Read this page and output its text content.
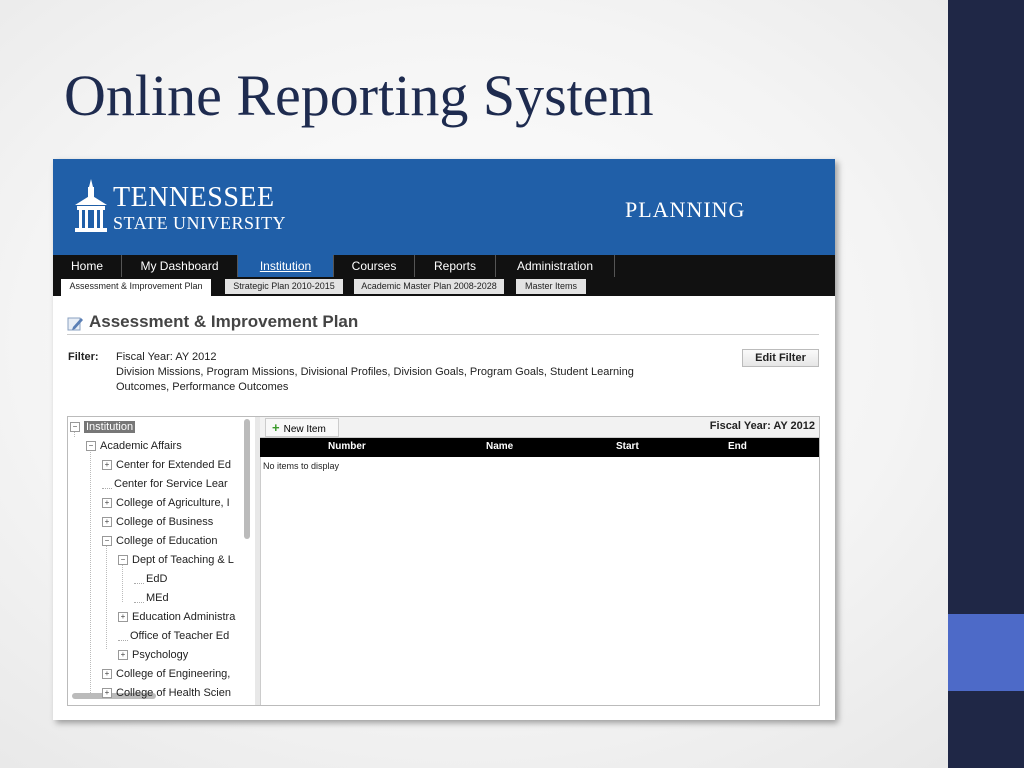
Online Reporting System
TENNESSEE
STATE UNIVERSITY
PLANNING
Home	My Dashboard	Institution	Courses	Reports	Administration
Assessment & Improvement Plan	Strategic Plan 2010-2015	Academic Master Plan 2008-2028	Master Items
Assessment & Improvement Plan
Filter: Fiscal Year: AY 2012
Division Missions, Program Missions, Divisional Profiles, Division Goals, Program Goals, Student Learning Outcomes, Performance Outcomes
Edit Filter
− Institution
− Academic Affairs
+ Center for Extended Ed
Center for Service Lear
+ College of Agriculture, I
+ College of Business
− College of Education
− Dept of Teaching & L
EdD
MEd
+ Education Administra
Office of Teacher Ed
+ Psychology
+ College of Engineering,
+ College of Health Scien
+ New Item	Fiscal Year: AY 2012
Number	Name	Start	End
No items to display
